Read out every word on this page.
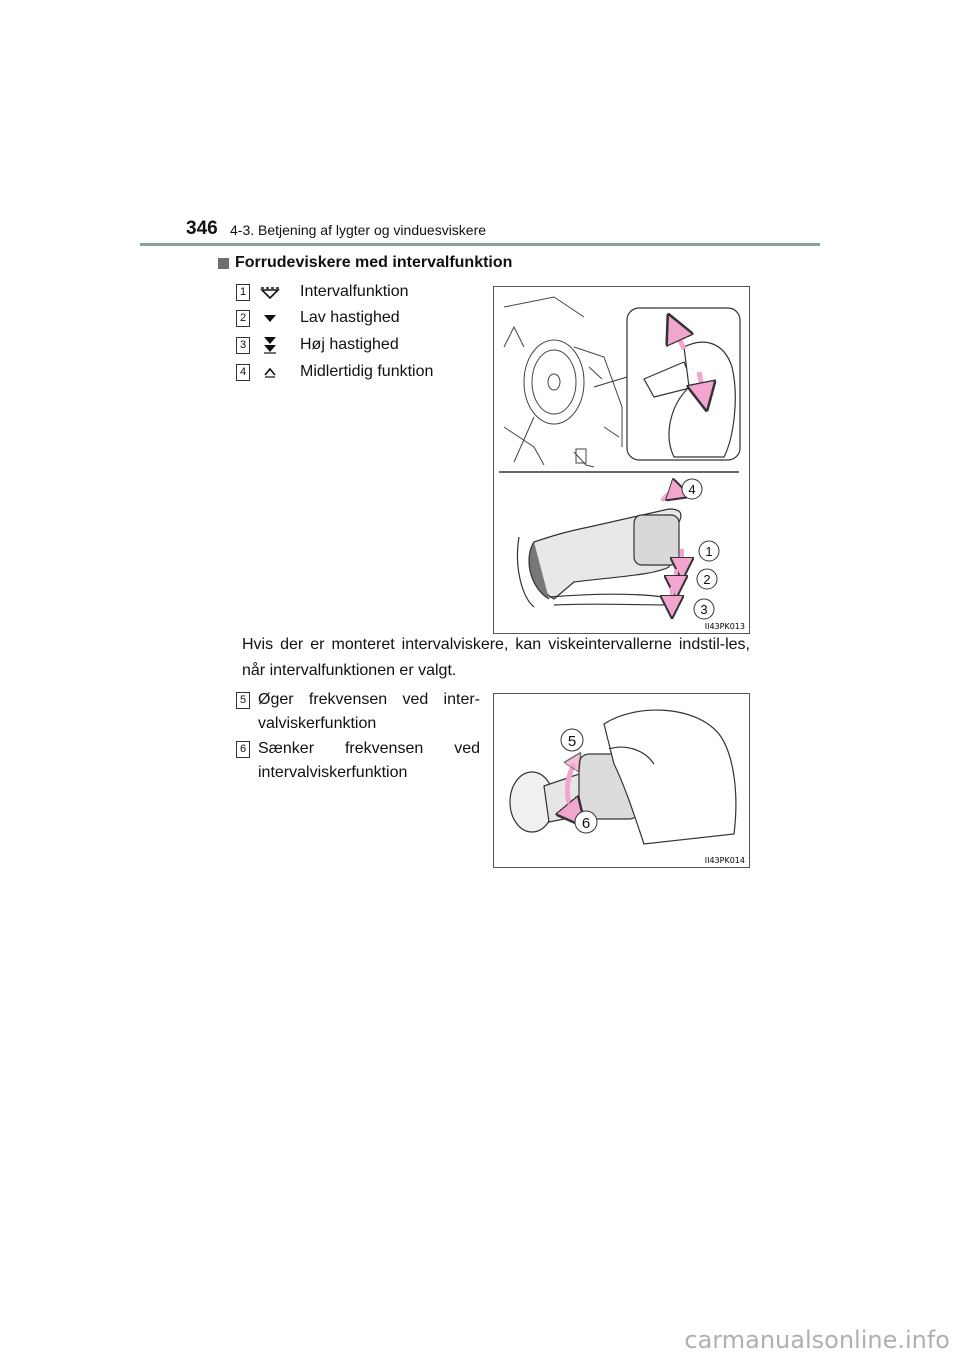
346 4-3. Betjening af lygter og vinduesviskere
Forrudeviskere med intervalfunktion
1	Intervalfunktion
2	Lav hastighed
3	Høj hastighed
4	Midlertidig funktion
4
1
2
3
II43PK013
Hvis der er monteret intervalviskere, kan viskeintervallerne indstil-les, når intervalfunktionen er valgt.
5 Øger frekvensen ved inter-valviskerfunktion
6 Sænker frekvensen ved intervalviskerfunktion
5
6
II43PK014
carmanualsonline.info
